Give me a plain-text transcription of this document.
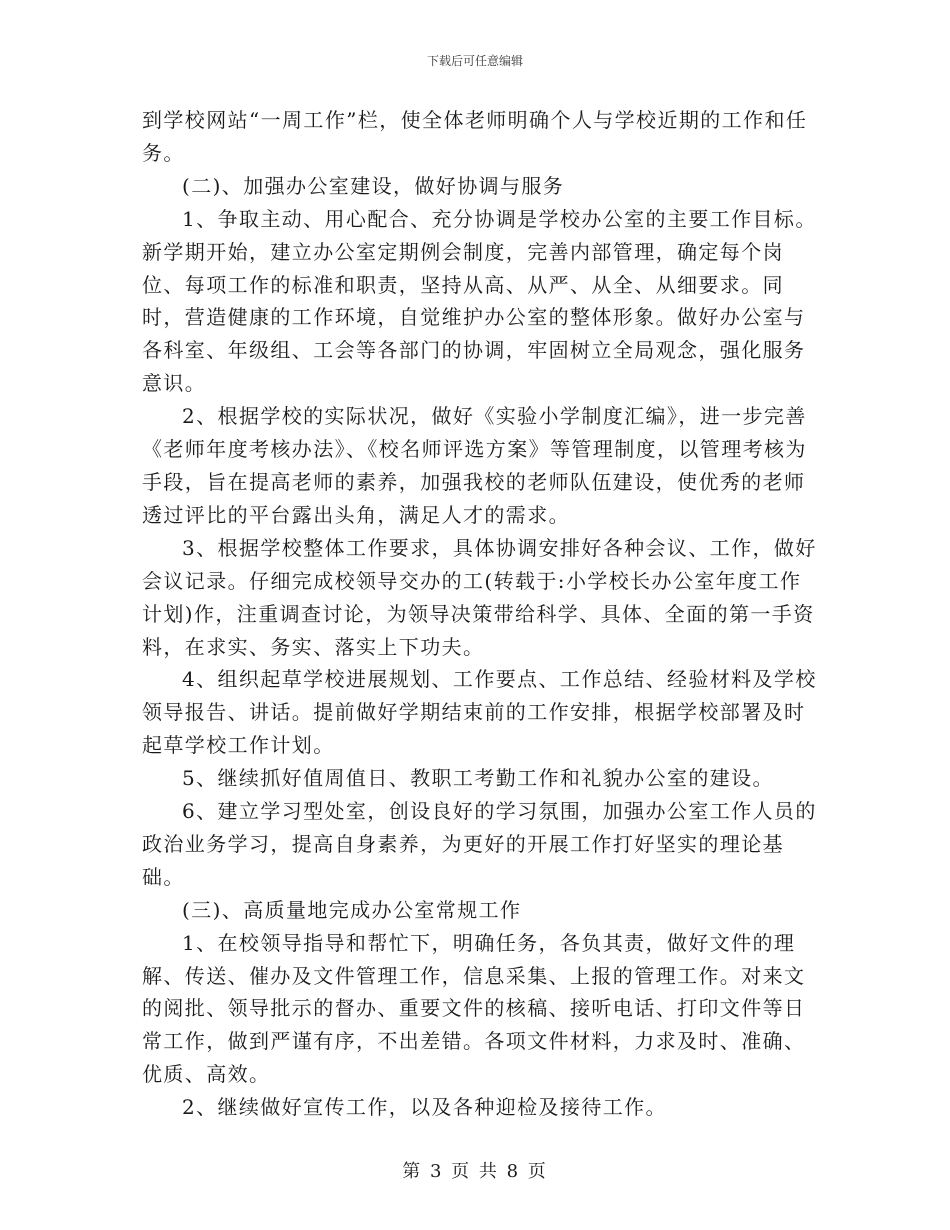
下载后可任意编辑

到学校网站“一周工作”栏，使全体老师明确个人与学校近期的工作和任务。

(二)、加强办公室建设，做好协调与服务

1、争取主动、用心配合、充分协调是学校办公室的主要工作目标。新学期开始，建立办公室定期例会制度，完善内部管理，确定每个岗位、每项工作的标准和职责，坚持从高、从严、从全、从细要求。同时，营造健康的工作环境，自觉维护办公室的整体形象。做好办公室与各科室、年级组、工会等各部门的协调，牢固树立全局观念，强化服务意识。

2、根据学校的实际状况，做好《实验小学制度汇编》，进一步完善《老师年度考核办法》、《校名师评选方案》等管理制度，以管理考核为手段，旨在提高老师的素养，加强我校的老师队伍建设，使优秀的老师透过评比的平台露出头角，满足人才的需求。

3、根据学校整体工作要求，具体协调安排好各种会议、工作，做好会议记录。仔细完成校领导交办的工(转载于:小学校长办公室年度工作计划)作，注重调查讨论，为领导决策带给科学、具体、全面的第一手资料，在求实、务实、落实上下功夫。

4、组织起草学校进展规划、工作要点、工作总结、经验材料及学校领导报告、讲话。提前做好学期结束前的工作安排，根据学校部署及时起草学校工作计划。

5、继续抓好值周值日、教职工考勤工作和礼貌办公室的建设。

6、建立学习型处室，创设良好的学习氛围，加强办公室工作人员的政治业务学习，提高自身素养，为更好的开展工作打好坚实的理论基础。

(三)、高质量地完成办公室常规工作

1、在校领导指导和帮忙下，明确任务，各负其责，做好文件的理解、传送、催办及文件管理工作，信息采集、上报的管理工作。对来文的阅批、领导批示的督办、重要文件的核稿、接听电话、打印文件等日常工作，做到严谨有序，不出差错。各项文件材料，力求及时、准确、优质、高效。

2、继续做好宣传工作，以及各种迎检及接待工作。

第 3 页 共 8 页
